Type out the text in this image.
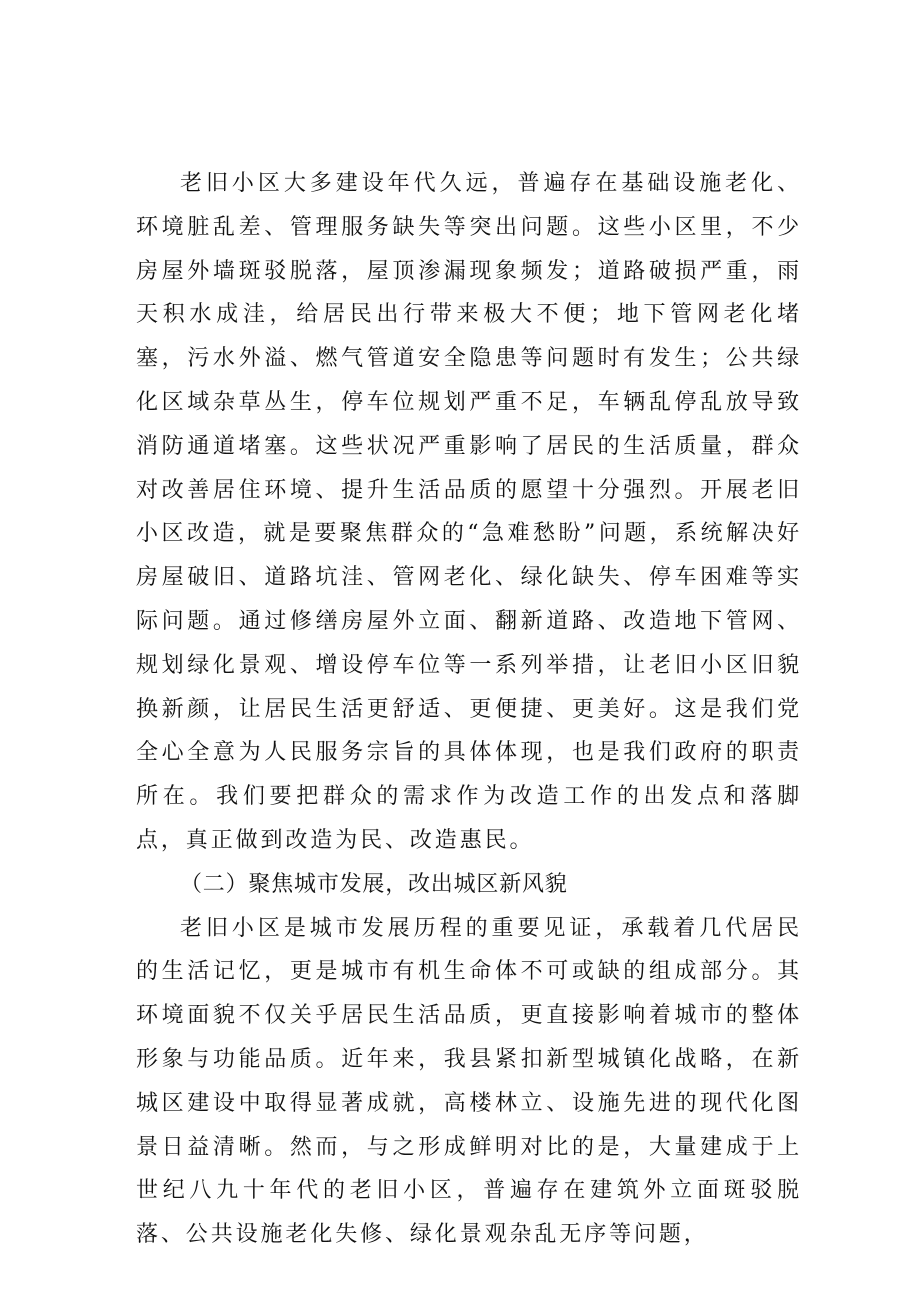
老旧小区大多建设年代久远，普遍存在基础设施老化、环境脏乱差、管理服务缺失等突出问题。这些小区里，不少房屋外墙斑驳脱落，屋顶渗漏现象频发；道路破损严重，雨天积水成洼，给居民出行带来极大不便；地下管网老化堵塞，污水外溢、燃气管道安全隐患等问题时有发生；公共绿化区域杂草丛生，停车位规划严重不足，车辆乱停乱放导致消防通道堵塞。这些状况严重影响了居民的生活质量，群众对改善居住环境、提升生活品质的愿望十分强烈。开展老旧小区改造，就是要聚焦群众的“急难愁盼”问题，系统解决好房屋破旧、道路坑洼、管网老化、绿化缺失、停车困难等实际问题。通过修缮房屋外立面、翻新道路、改造地下管网、规划绿化景观、增设停车位等一系列举措，让老旧小区旧貌换新颜，让居民生活更舒适、更便捷、更美好。这是我们党全心全意为人民服务宗旨的具体体现，也是我们政府的职责所在。我们要把群众的需求作为改造工作的出发点和落脚点，真正做到改造为民、改造惠民。

（二）聚焦城市发展，改出城区新风貌

老旧小区是城市发展历程的重要见证，承载着几代居民的生活记忆，更是城市有机生命体不可或缺的组成部分。其环境面貌不仅关乎居民生活品质，更直接影响着城市的整体形象与功能品质。近年来，我县紧扣新型城镇化战略，在新城区建设中取得显著成就，高楼林立、设施先进的现代化图景日益清晰。然而，与之形成鲜明对比的是，大量建成于上世纪八九十年代的老旧小区，普遍存在建筑外立面斑驳脱落、公共设施老化失修、绿化景观杂乱无序等问题，
